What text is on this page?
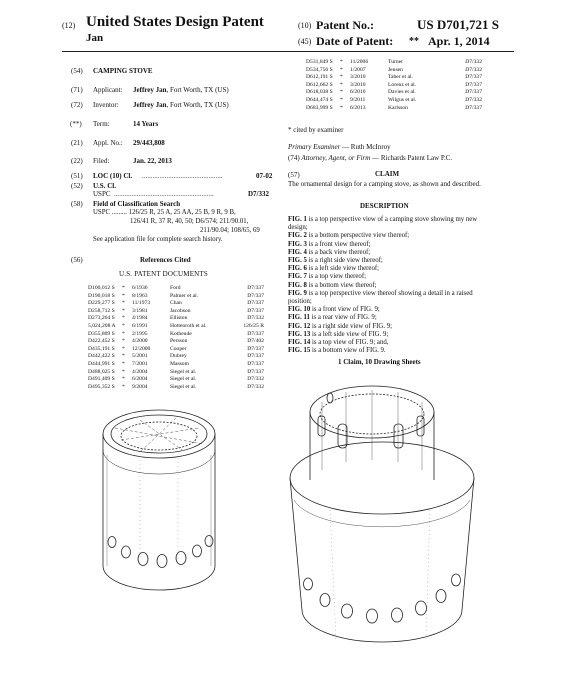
(12) United States Design Patent
Jan
(10) Patent No.:	US D701,721 S
(45) Date of Patent: ** Apr. 1, 2014
(54) CAMPING STOVE
(71) Applicant: Jeffrey Jan, Fort Worth, TX (US)
(72) Inventor: Jeffrey Jan, Fort Worth, TX (US)
(**) Term:	14 Years
(21) Appl. No.: 29/443,808
(22) Filed:	Jan. 22, 2013
(51) LOC (10) Cl. ..............................................	07-02
(52) U.S. Cl.
USPC .........................................................	D7/332
(58) Field of Classification Search
USPC ......... 126/25 R, 25 A, 25 AA, 25 B, 9 R, 9 B,
126/41 R, 37 R, 40, 50; D6/574; 211/90.01,
211/90.04; 108/65, 69
See application file for complete search history.
(56)	References Cited
U.S. PATENT DOCUMENTS
D100,012 S * 6/1936	Ford	D7/337
D190,018 S * 8/1963	Palmer et al.	D7/337
D229,277 S * 11/1973	Chan	D7/337
D258,712 S * 3/1981	Jacobson	D7/337
D273,264 S * 4/1984	Elliston	D7/332
5,024,208 A * 6/1991	Hottenroth et al.	126/25 R
D355,809 S * 2/1995	Kotheude	D7/337
D422,452 S * 4/2000	Persson	D7/402
D435,191 S * 12/2000	Cooper	D7/337
D442,422 S * 5/2001	Dubrey	D7/337
D444,991 S * 7/2001	Massom	D7/337
D488,025 S * 4/2004	Siegel et al.	D7/337
D491,409 S * 6/2004	Siegel et al.	D7/332
D495,352 S * 9/2004	Siegel et al.	D7/332
D531,849 S * 11/2006	Turner	D7/332
D534,756 S * 1/2007	Jensen	D7/332
D612,191 S * 3/2010	Taber et al.	D7/337
D612,662 S * 3/2010	Lorenz et al.	D7/337
D618,038 S * 6/2010	Davies et al.	D7/337
D644,474 S * 9/2011	Wilgus et al.	D7/332
D683,999 S * 6/2013	Karlsson	D7/337
* cited by examiner
Primary Examiner — Ruth McInroy
(74) Attorney, Agent, or Firm — Richards Patent Law P.C.
(57)	CLAIM
The ornamental design for a camping stove, as shown and described.
DESCRIPTION
FIG. 1 is a top perspective view of a camping stove showing my new design;
FIG. 2 is a bottom perspective view thereof;
FIG. 3 is a front view thereof;
FIG. 4 is a back view thereof;
FIG. 5 is a right side view thereof;
FIG. 6 is a left side view thereof;
FIG. 7 is a top view thereof;
FIG. 8 is a bottom view thereof;
FIG. 9 is a top perspective view thereof showing a detail in a raised position;
FIG. 10 is a front view of FIG. 9;
FIG. 11 is a rear view of FIG. 9;
FIG. 12 is a right side view of FIG. 9;
FIG. 13 is a left side view of FIG. 9;
FIG. 14 is a top view of FIG. 9; and,
FIG. 15 is a bottom view of FIG. 9.
1 Claim, 10 Drawing Sheets
